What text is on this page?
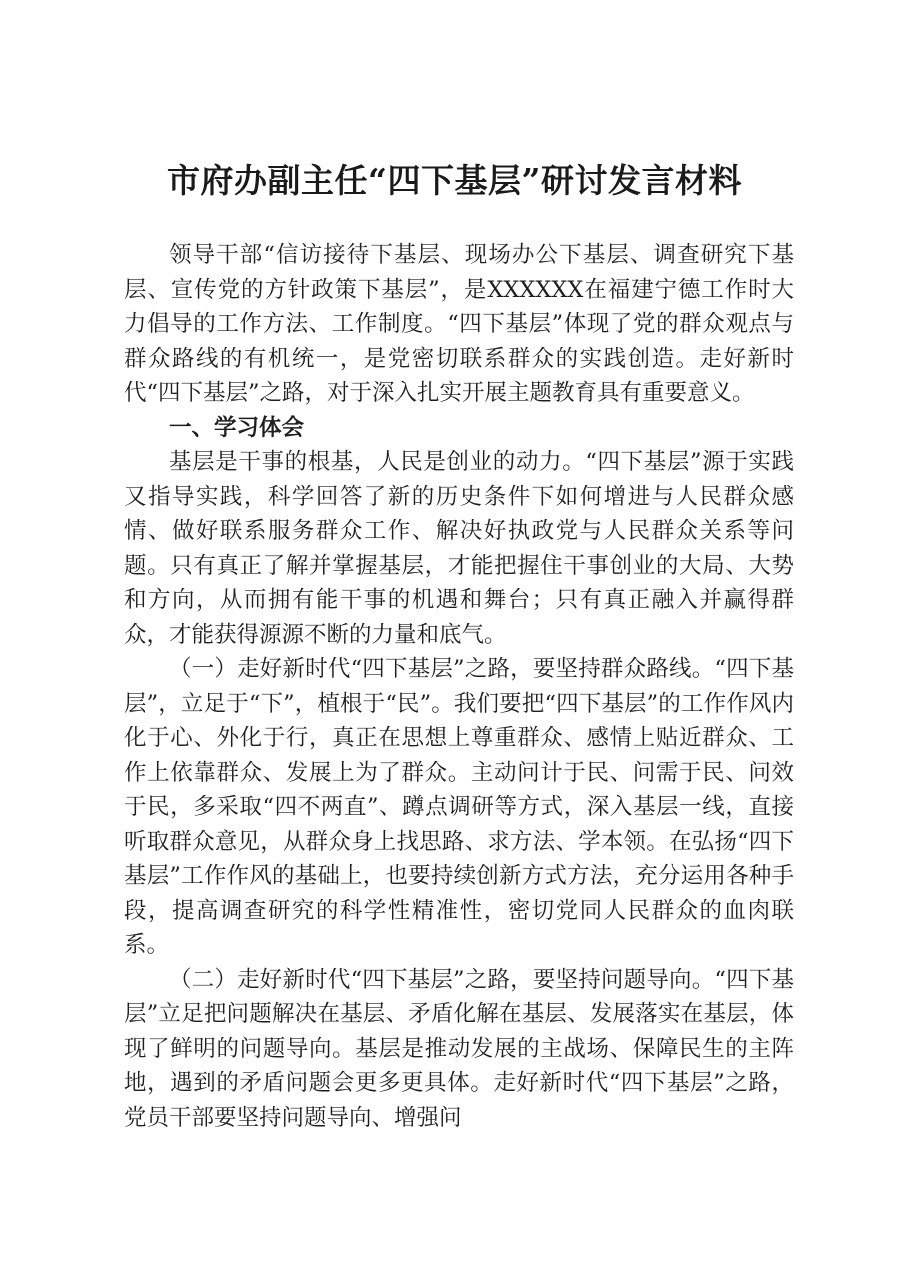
市府办副主任“四下基层”研讨发言材料

领导干部“信访接待下基层、现场办公下基层、调查研究下基层、宣传党的方针政策下基层”，是XXXXXX在福建宁德工作时大力倡导的工作方法、工作制度。“四下基层”体现了党的群众观点与群众路线的有机统一，是党密切联系群众的实践创造。走好新时代“四下基层”之路，对于深入扎实开展主题教育具有重要意义。

一、学习体会

基层是干事的根基，人民是创业的动力。“四下基层”源于实践又指导实践，科学回答了新的历史条件下如何增进与人民群众感情、做好联系服务群众工作、解决好执政党与人民群众关系等问题。只有真正了解并掌握基层，才能把握住干事创业的大局、大势和方向，从而拥有能干事的机遇和舞台；只有真正融入并赢得群众，才能获得源源不断的力量和底气。

（一）走好新时代“四下基层”之路，要坚持群众路线。“四下基层”，立足于“下”，植根于“民”。我们要把“四下基层”的工作作风内化于心、外化于行，真正在思想上尊重群众、感情上贴近群众、工作上依靠群众、发展上为了群众。主动问计于民、问需于民、问效于民，多采取“四不两直”、蹲点调研等方式，深入基层一线，直接听取群众意见，从群众身上找思路、求方法、学本领。在弘扬“四下基层”工作作风的基础上，也要持续创新方式方法，充分运用各种手段，提高调查研究的科学性精准性，密切党同人民群众的血肉联系。

（二）走好新时代“四下基层”之路，要坚持问题导向。“四下基层”立足把问题解决在基层、矛盾化解在基层、发展落实在基层，体现了鲜明的问题导向。基层是推动发展的主战场、保障民生的主阵地，遇到的矛盾问题会更多更具体。走好新时代“四下基层”之路，党员干部要坚持问题导向、增强问
